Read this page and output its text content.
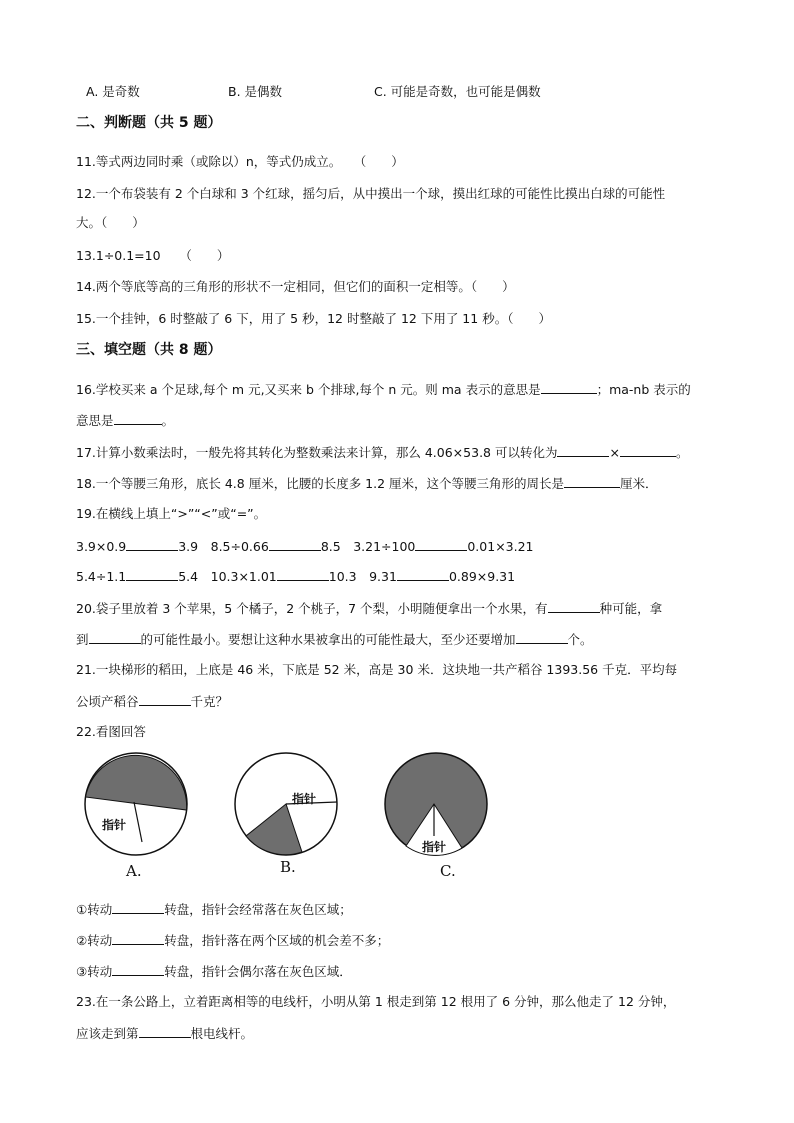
A. 是奇数	B. 是偶数	C. 可能是奇数，也可能是偶数
二、判断题（共 5 题）
11.等式两边同时乘（或除以）n，等式仍成立。　　（　　）
12.一个布袋装有 2 个白球和 3 个红球，摇匀后，从中摸出一个球，摸出红球的可能性比摸出白球的可能性
大。（　　）
13.1÷0.1=10　　（　　）
14.两个等底等高的三角形的形状不一定相同，但它们的面积一定相等。（　　）
15.一个挂钟，6 时整敲了 6 下，用了 5 秒，12 时整敲了 12 下用了 11 秒。（　　）
三、填空题（共 8 题）
16.学校买来 a 个足球,每个 m 元,又买来 b 个排球,每个 n 元。则 ma 表示的意思是	；ma-nb 表示的
意思是	。
17.计算小数乘法时，一般先将其转化为整数乘法来计算，那么 4.06×53.8 可以转化为	×	。
18.一个等腰三角形，底长 4.8 厘米，比腰的长度多 1.2 厘米，这个等腰三角形的周长是	厘米．
19.在横线上填上“>”“<”或“=”。
3.9×0.9	3.9　8.5÷0.66	8.5　3.21÷100	0.01×3.21
5.4÷1.1	5.4　10.3×1.01	10.3　9.31	0.89×9.31
20.袋子里放着 3 个苹果，5 个橘子，2 个桃子，7 个梨，小明随便拿出一个水果，有	种可能，拿
到	的可能性最小。要想让这种水果被拿出的可能性最大，至少还要增加	个。
21.一块梯形的稻田，上底是 46 米，下底是 52 米，高是 30 米．这块地一共产稻谷 1393.56 千克．平均每
公顷产稻谷	千克？
22.看图回答
指针
指针
指针
A.	B.	C.
①转动	转盘，指针会经常落在灰色区域；
②转动	转盘，指针落在两个区域的机会差不多；
③转动	转盘，指针会偶尔落在灰色区域．
23.在一条公路上，立着距离相等的电线杆，小明从第 1 根走到第 12 根用了 6 分钟，那么他走了 12 分钟，
应该走到第	根电线杆。
